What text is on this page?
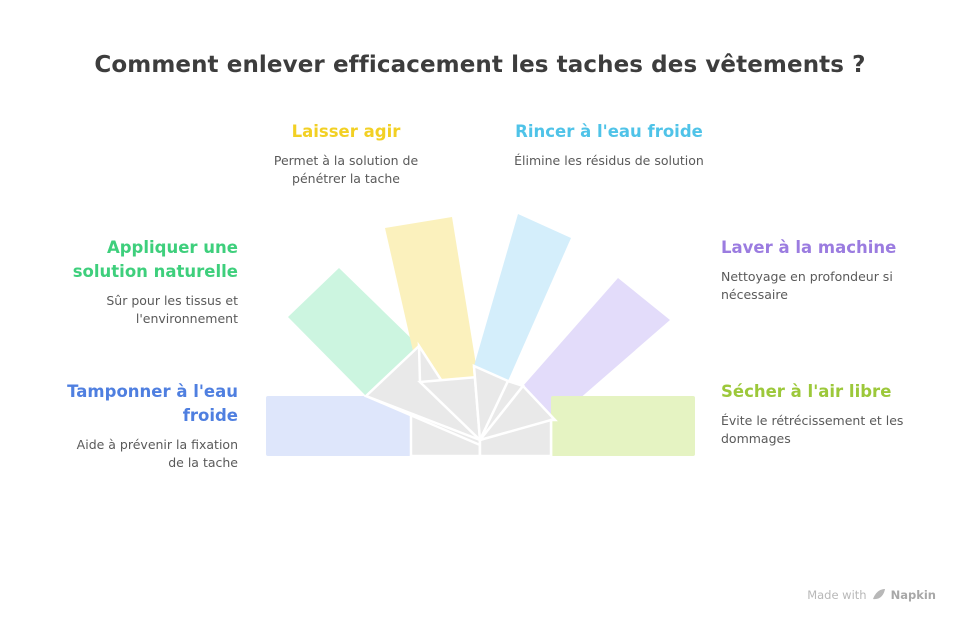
Comment enlever efficacement les taches des vêtements ?
Laisser agir
Permet à la solution de pénétrer la tache
Rincer à l'eau froide
Élimine les résidus de solution
Appliquer une solution naturelle
Sûr pour les tissus et l'environnement
Tamponner à l'eau froide
Aide à prévenir la fixation de la tache
Laver à la machine
Nettoyage en profondeur si nécessaire
Sécher à l'air libre
Évite le rétrécissement et les dommages
Made with Napkin
